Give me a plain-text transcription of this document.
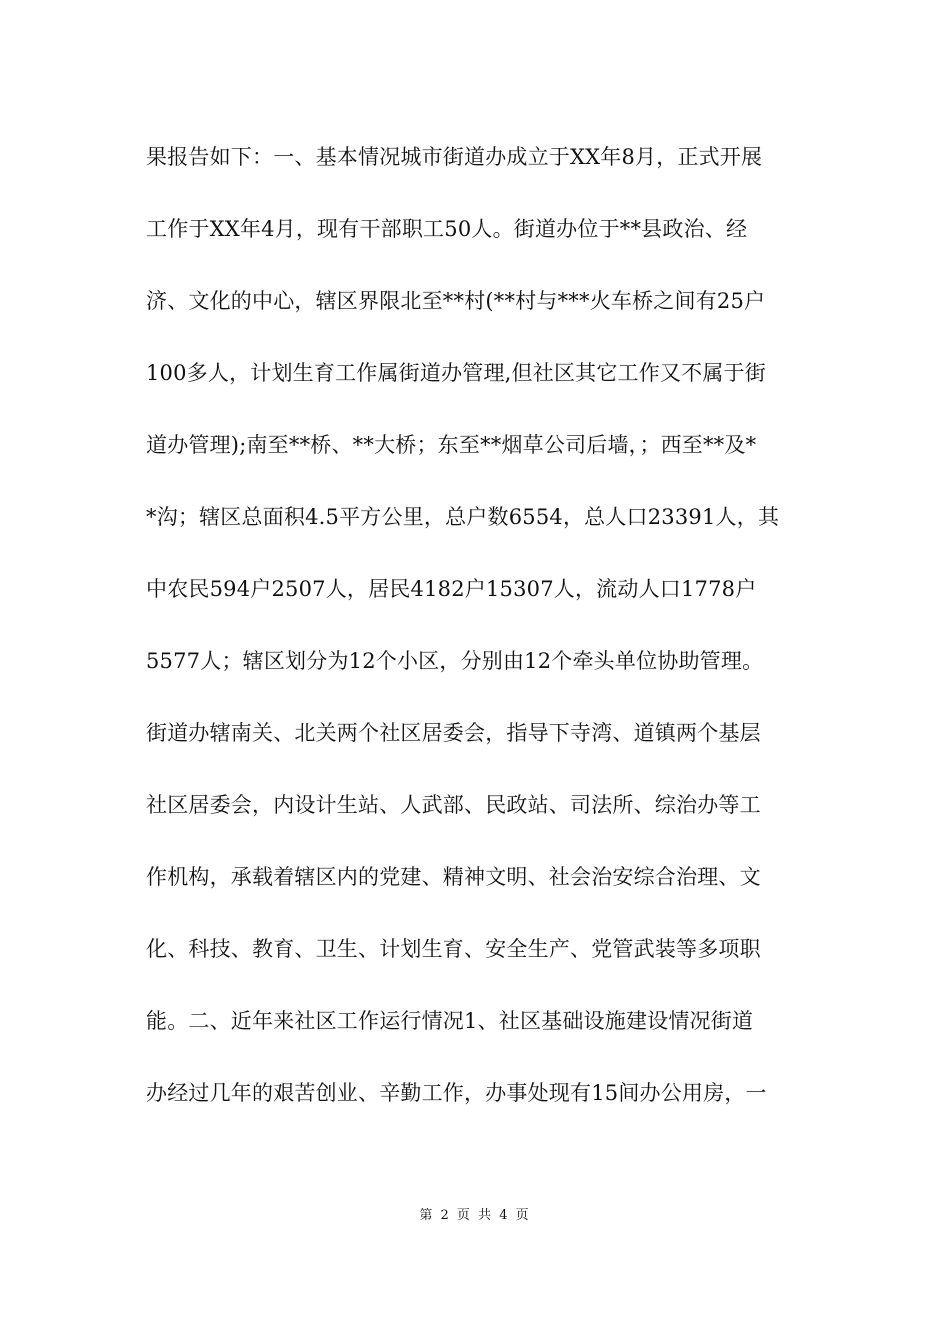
果报告如下：一、基本情况城市街道办成立于XX年8月，正式开展
工作于XX年4月，现有干部职工50人。街道办位于**县政治、经
济、文化的中心，辖区界限北至**村(**村与***火车桥之间有25户
100多人，计划生育工作属街道办管理,但社区其它工作又不属于街
道办管理);南至**桥、**大桥；东至**烟草公司后墙，；西至**及*
*沟；辖区总面积4.5平方公里，总户数6554，总人口23391人，其
中农民594户2507人，居民4182户15307人，流动人口1778户
5577人；辖区划分为12个小区，分别由12个牵头单位协助管理。
街道办辖南关、北关两个社区居委会，指导下寺湾、道镇两个基层
社区居委会，内设计生站、人武部、民政站、司法所、综治办等工
作机构，承载着辖区内的党建、精神文明、社会治安综合治理、文
化、科技、教育、卫生、计划生育、安全生产、党管武装等多项职
能。二、近年来社区工作运行情况1、社区基础设施建设情况街道
办经过几年的艰苦创业、辛勤工作，办事处现有15间办公用房，一
第 2 页 共 4 页
